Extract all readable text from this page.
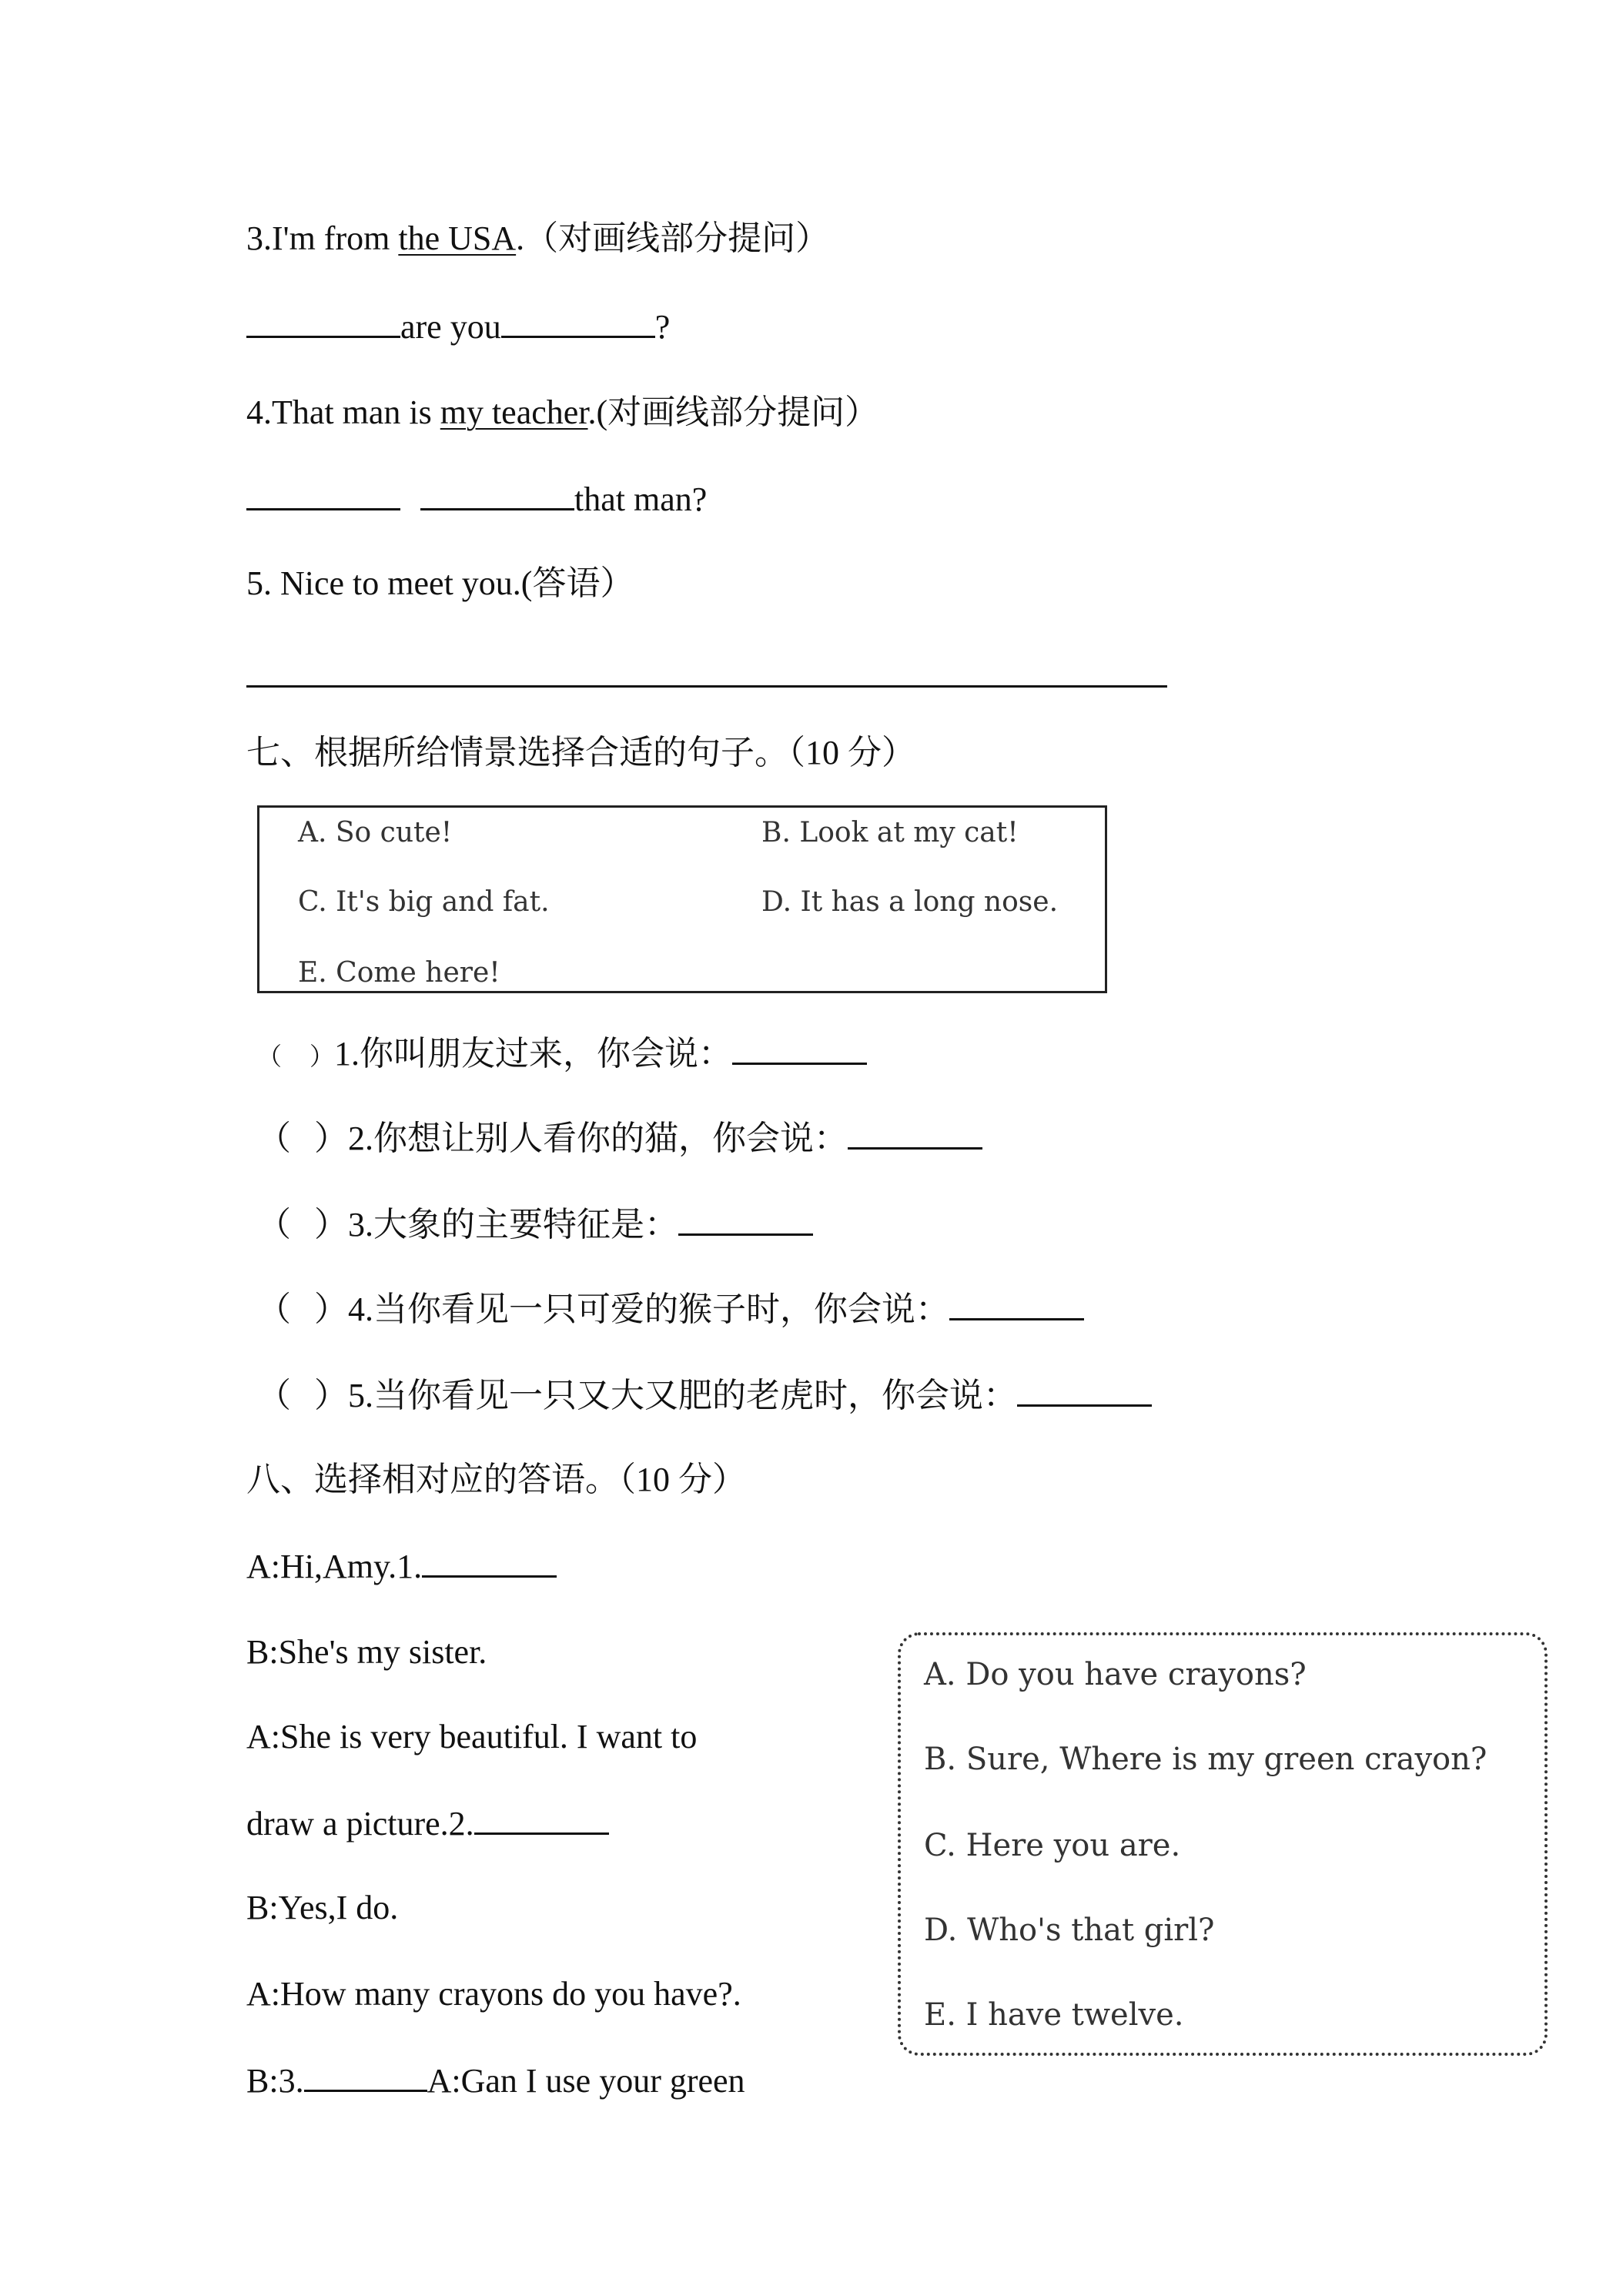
3.I'm from the USA.（对画线部分提问）
are you	?
4.That man is my teacher.(对画线部分提问）
that man?
5. Nice to meet you.(答语）
七、根据所给情景选择合适的句子。（10 分）
A. So cute!	B. Look at my cat!
C. It's big and fat.	D. It has a long nose.
E. Come here!
（ ）1.你叫朋友过来，你会说：
（ ）2.你想让别人看你的猫，你会说：
（ ）3.大象的主要特征是：
（ ）4.当你看见一只可爱的猴子时，你会说：
（ ）5.当你看见一只又大又肥的老虎时，你会说：
八、选择相对应的答语。（10 分）
A:Hi,Amy.1.
B:She's my sister.
A:She is very beautiful. I want to
draw a picture.2.
B:Yes,I do.
A:How many crayons do you have?.
B:3.	A:Gan I use your green
A. Do you have crayons?
B. Sure, Where is my green crayon?
C. Here you are.
D. Who's that girl?
E. I have twelve.
